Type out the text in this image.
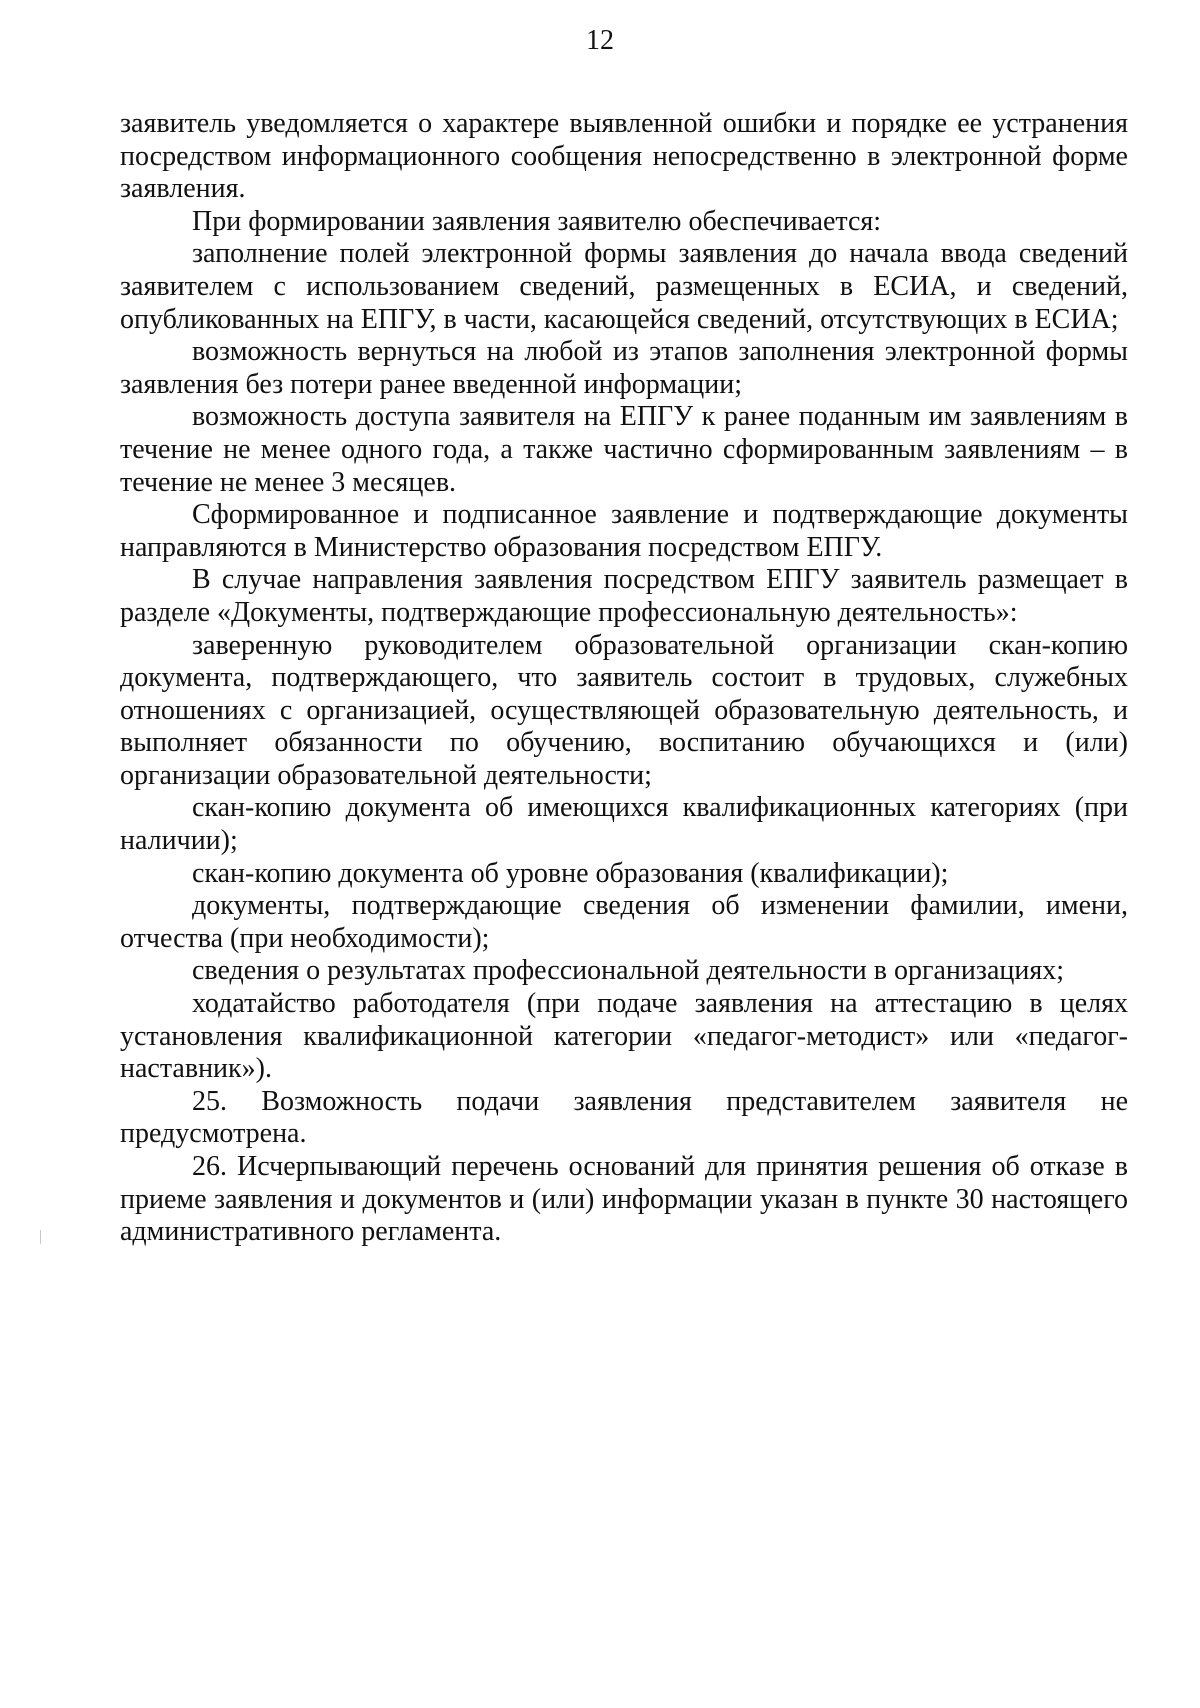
12

заявитель уведомляется о характере выявленной ошибки и порядке ее устранения посредством информационного сообщения непосредственно в электронной форме заявления.

При формировании заявления заявителю обеспечивается:

заполнение полей электронной формы заявления до начала ввода сведений заявителем с использованием сведений, размещенных в ЕСИА, и сведений, опубликованных на ЕПГУ, в части, касающейся сведений, отсутствующих в ЕСИА;

возможность вернуться на любой из этапов заполнения электронной формы заявления без потери ранее введенной информации;

возможность доступа заявителя на ЕПГУ к ранее поданным им заявлениям в течение не менее одного года, а также частично сформированным заявлениям – в течение не менее 3 месяцев.

Сформированное и подписанное заявление и подтверждающие документы направляются в Министерство образования посредством ЕПГУ.

В случае направления заявления посредством ЕПГУ заявитель размещает в разделе «Документы, подтверждающие профессиональную деятельность»:

заверенную руководителем образовательной организации скан-копию документа, подтверждающего, что заявитель состоит в трудовых, служебных отношениях с организацией, осуществляющей образовательную деятельность, и выполняет обязанности по обучению, воспитанию обучающихся и (или) организации образовательной деятельности;

скан-копию документа об имеющихся квалификационных категориях (при наличии);

скан-копию документа об уровне образования (квалификации);

документы, подтверждающие сведения об изменении фамилии, имени, отчества (при необходимости);

сведения о результатах профессиональной деятельности в организациях;

ходатайство работодателя (при подаче заявления на аттестацию в целях установления квалификационной категории «педагог-методист» или «педагог-наставник»).

25. Возможность подачи заявления представителем заявителя не предусмотрена.

26. Исчерпывающий перечень оснований для принятия решения об отказе в приеме заявления и документов и (или) информации указан в пункте 30 настоящего административного регламента.
